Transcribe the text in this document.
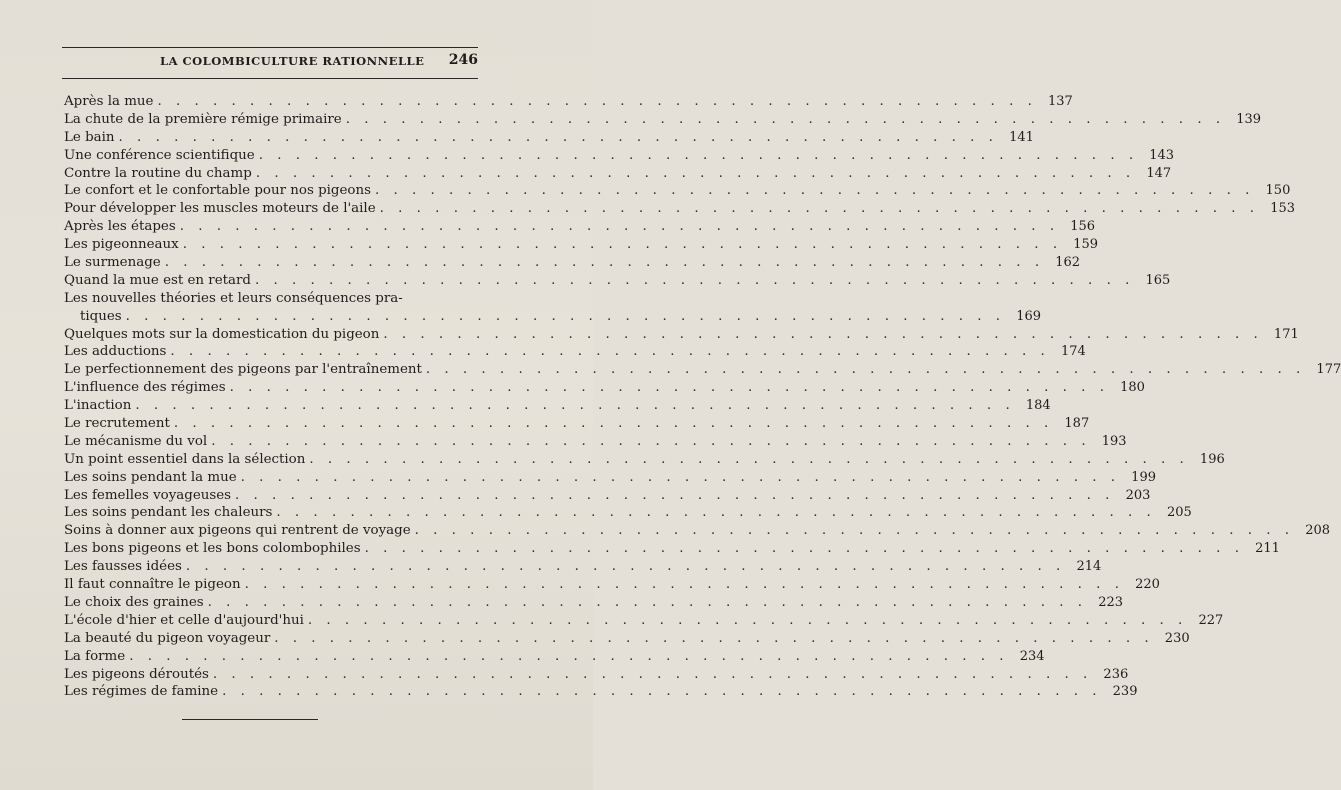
LA COLOMBICULTURE RATIONNELLE 246
Après la mue . . . . . . . . . . . . . . . . . . . . . . . . . . . . . . . . . . . . . . . . . . . . . . . . 137
La chute de la première rémige primaire . . . . . . . . . . . . . . . . . . . . . . . . . . . . . . . . . . . . . . . . . . . . . . . . 139
Le bain . . . . . . . . . . . . . . . . . . . . . . . . . . . . . . . . . . . . . . . . . . . . . . . . 141
Une conférence scientifique . . . . . . . . . . . . . . . . . . . . . . . . . . . . . . . . . . . . . . . . . . . . . . . . 143
Contre la routine du champ . . . . . . . . . . . . . . . . . . . . . . . . . . . . . . . . . . . . . . . . . . . . . . . . 147
Le confort et le confortable pour nos pigeons . . . . . . . . . . . . . . . . . . . . . . . . . . . . . . . . . . . . . . . . . . . . . . . . 150
Pour développer les muscles moteurs de l'aile . . . . . . . . . . . . . . . . . . . . . . . . . . . . . . . . . . . . . . . . . . . . . . . . 153
Après les étapes . . . . . . . . . . . . . . . . . . . . . . . . . . . . . . . . . . . . . . . . . . . . . . . . 156
Les pigeonneaux . . . . . . . . . . . . . . . . . . . . . . . . . . . . . . . . . . . . . . . . . . . . . . . . 159
Le surmenage . . . . . . . . . . . . . . . . . . . . . . . . . . . . . . . . . . . . . . . . . . . . . . . . 162
Quand la mue est en retard . . . . . . . . . . . . . . . . . . . . . . . . . . . . . . . . . . . . . . . . . . . . . . . . 165
Les nouvelles théories et leurs conséquences pra-
tiques . . . . . . . . . . . . . . . . . . . . . . . . . . . . . . . . . . . . . . . . . . . . . . . . 169
Quelques mots sur la domestication du pigeon . . . . . . . . . . . . . . . . . . . . . . . . . . . . . . . . . . . . . . . . . . . . . . . . 171
Les adductions . . . . . . . . . . . . . . . . . . . . . . . . . . . . . . . . . . . . . . . . . . . . . . . . 174
Le perfectionnement des pigeons par l'entraînement . . . . . . . . . . . . . . . . . . . . . . . . . . . . . . . . . . . . . . . . . . . . . . . . 177
L'influence des régimes . . . . . . . . . . . . . . . . . . . . . . . . . . . . . . . . . . . . . . . . . . . . . . . . 180
L'inaction . . . . . . . . . . . . . . . . . . . . . . . . . . . . . . . . . . . . . . . . . . . . . . . . 184
Le recrutement . . . . . . . . . . . . . . . . . . . . . . . . . . . . . . . . . . . . . . . . . . . . . . . . 187
Le mécanisme du vol . . . . . . . . . . . . . . . . . . . . . . . . . . . . . . . . . . . . . . . . . . . . . . . . 193
Un point essentiel dans la sélection . . . . . . . . . . . . . . . . . . . . . . . . . . . . . . . . . . . . . . . . . . . . . . . . 196
Les soins pendant la mue . . . . . . . . . . . . . . . . . . . . . . . . . . . . . . . . . . . . . . . . . . . . . . . . 199
Les femelles voyageuses . . . . . . . . . . . . . . . . . . . . . . . . . . . . . . . . . . . . . . . . . . . . . . . . 203
Les soins pendant les chaleurs . . . . . . . . . . . . . . . . . . . . . . . . . . . . . . . . . . . . . . . . . . . . . . . . 205
Soins à donner aux pigeons qui rentrent de voyage . . . . . . . . . . . . . . . . . . . . . . . . . . . . . . . . . . . . . . . . . . . . . . . . 208
Les bons pigeons et les bons colombophiles . . . . . . . . . . . . . . . . . . . . . . . . . . . . . . . . . . . . . . . . . . . . . . . . 211
Les fausses idées . . . . . . . . . . . . . . . . . . . . . . . . . . . . . . . . . . . . . . . . . . . . . . . . 214
Il faut connaître le pigeon . . . . . . . . . . . . . . . . . . . . . . . . . . . . . . . . . . . . . . . . . . . . . . . . 220
Le choix des graines . . . . . . . . . . . . . . . . . . . . . . . . . . . . . . . . . . . . . . . . . . . . . . . . 223
L'école d'hier et celle d'aujourd'hui . . . . . . . . . . . . . . . . . . . . . . . . . . . . . . . . . . . . . . . . . . . . . . . . 227
La beauté du pigeon voyageur . . . . . . . . . . . . . . . . . . . . . . . . . . . . . . . . . . . . . . . . . . . . . . . . 230
La forme . . . . . . . . . . . . . . . . . . . . . . . . . . . . . . . . . . . . . . . . . . . . . . . . 234
Les pigeons déroutés . . . . . . . . . . . . . . . . . . . . . . . . . . . . . . . . . . . . . . . . . . . . . . . . 236
Les régimes de famine . . . . . . . . . . . . . . . . . . . . . . . . . . . . . . . . . . . . . . . . . . . . . . . . 239
